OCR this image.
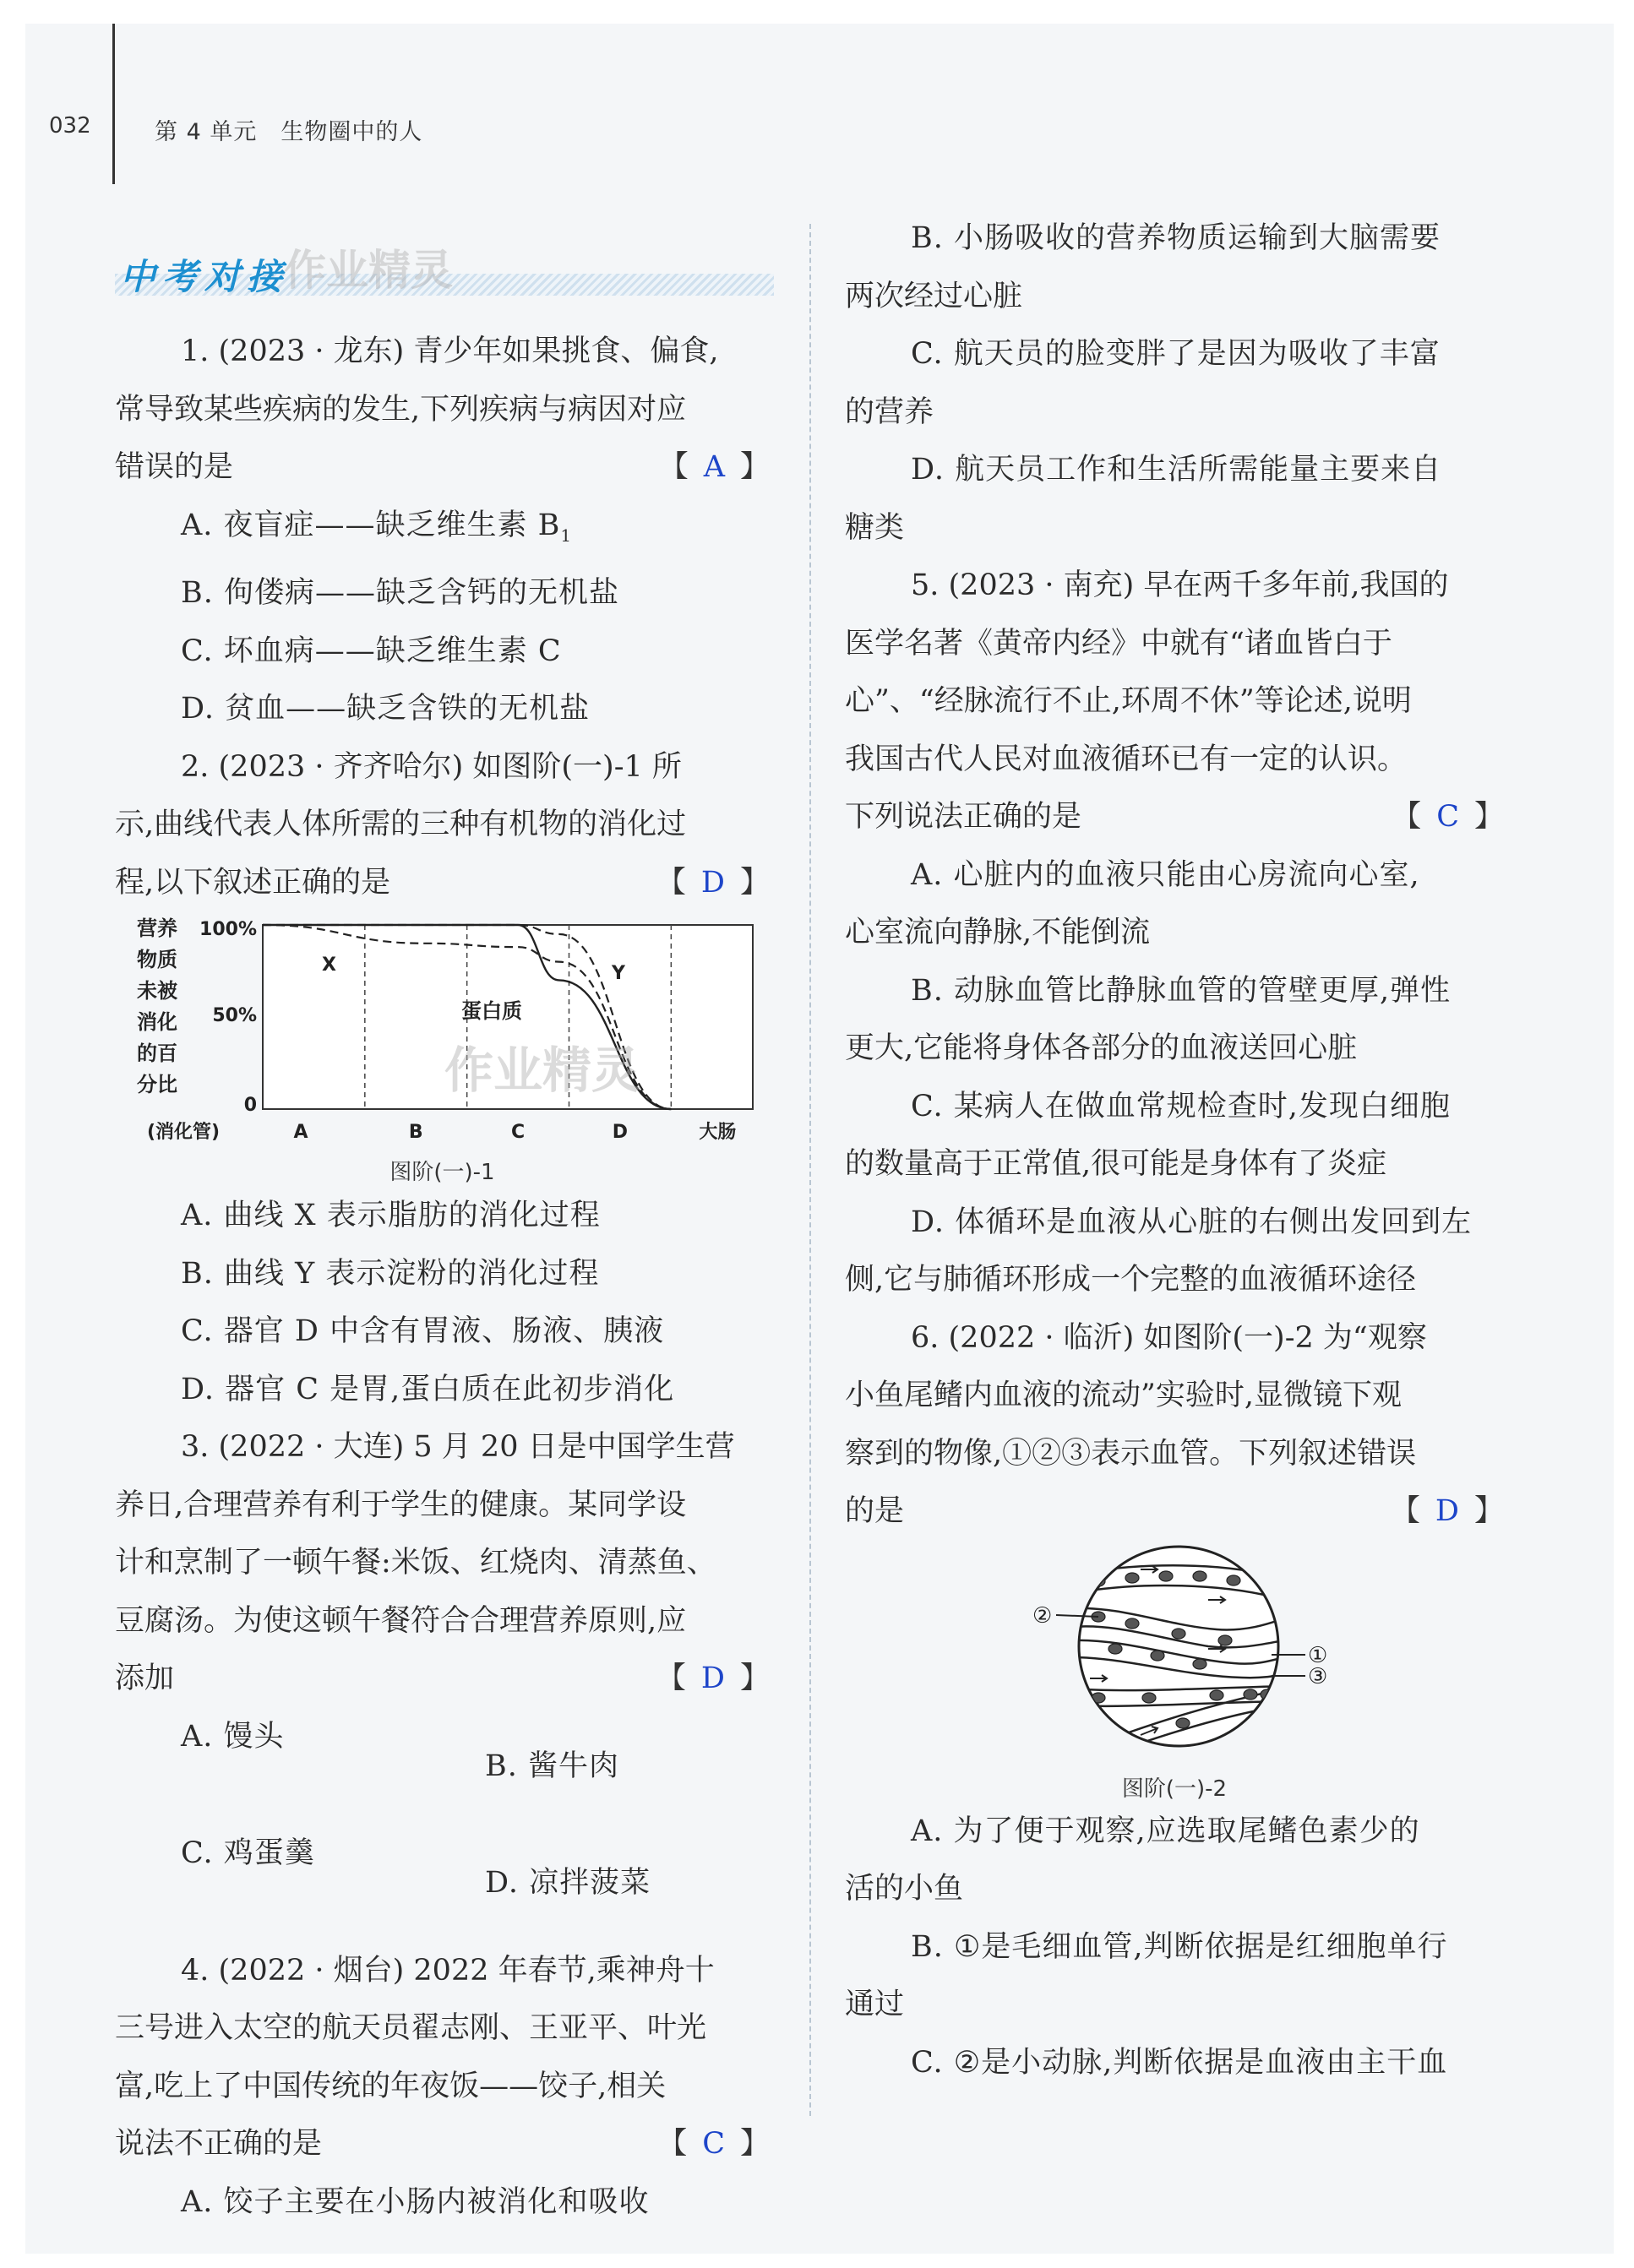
032	第 4 单元　生物圈中的人
中考对接
作业精灵

1. (2023 · 龙东) 青少年如果挑食、偏食,

常导致某些疾病的发生,下列疾病与病因对应

错误的是	【 A 】

A. 夜盲症——缺乏维生素 $B_1$

B. 佝偻病——缺乏含钙的无机盐

C. 坏血病——缺乏维生素 C

D. 贫血——缺乏含铁的无机盐

2. (2023 · 齐齐哈尔) 如图阶(一)-1 所

示,曲线代表人体所需的三种有机物的消化过

程,以下叙述正确的是	【 D 】
营养
物质
未被
消化
的百
分比
100%
50%
0
X
蛋白质
Y
(消化管)	A	B	C	D	大肠
图阶(一)-1
作业精灵

A. 曲线 X 表示脂肪的消化过程

B. 曲线 Y 表示淀粉的消化过程

C. 器官 D 中含有胃液、肠液、胰液

D. 器官 C 是胃,蛋白质在此初步消化

3. (2022 · 大连) 5 月 20 日是中国学生营

养日,合理营养有利于学生的健康。某同学设

计和烹制了一顿午餐:米饭、红烧肉、清蒸鱼、

豆腐汤。为使这顿午餐符合合理营养原则,应

添加	【 D 】

A. 馒头

B. 酱牛肉

C. 鸡蛋羹

D. 凉拌菠菜

4. (2022 · 烟台) 2022 年春节,乘神舟十

三号进入太空的航天员翟志刚、王亚平、叶光

富,吃上了中国传统的年夜饭——饺子,相关

说法不正确的是	【 C 】

A. 饺子主要在小肠内被消化和吸收

B. 小肠吸收的营养物质运输到大脑需要

两次经过心脏

C. 航天员的脸变胖了是因为吸收了丰富

的营养

D. 航天员工作和生活所需能量主要来自

糖类

5. (2023 · 南充) 早在两千多年前,我国的

医学名著《黄帝内经》中就有“诸血皆白于

心”、“经脉流行不止,环周不休”等论述,说明

我国古代人民对血液循环已有一定的认识。

下列说法正确的是	【 C 】

A. 心脏内的血液只能由心房流向心室,

心室流向静脉,不能倒流

B. 动脉血管比静脉血管的管壁更厚,弹性

更大,它能将身体各部分的血液送回心脏

C. 某病人在做血常规检查时,发现白细胞

的数量高于正常值,很可能是身体有了炎症

D. 体循环是血液从心脏的右侧出发回到左

侧,它与肺循环形成一个完整的血液循环途径

6. (2022 · 临沂) 如图阶(一)-2 为“观察

小鱼尾鳍内血液的流动”实验时,显微镜下观

察到的物像,①②③表示血管。下列叙述错误

的是	【 D 】
②
①
③
图阶(一)-2

A. 为了便于观察,应选取尾鳍色素少的

活的小鱼

B. ①是毛细血管,判断依据是红细胞单行

通过

C. ②是小动脉,判断依据是血液由主干血
